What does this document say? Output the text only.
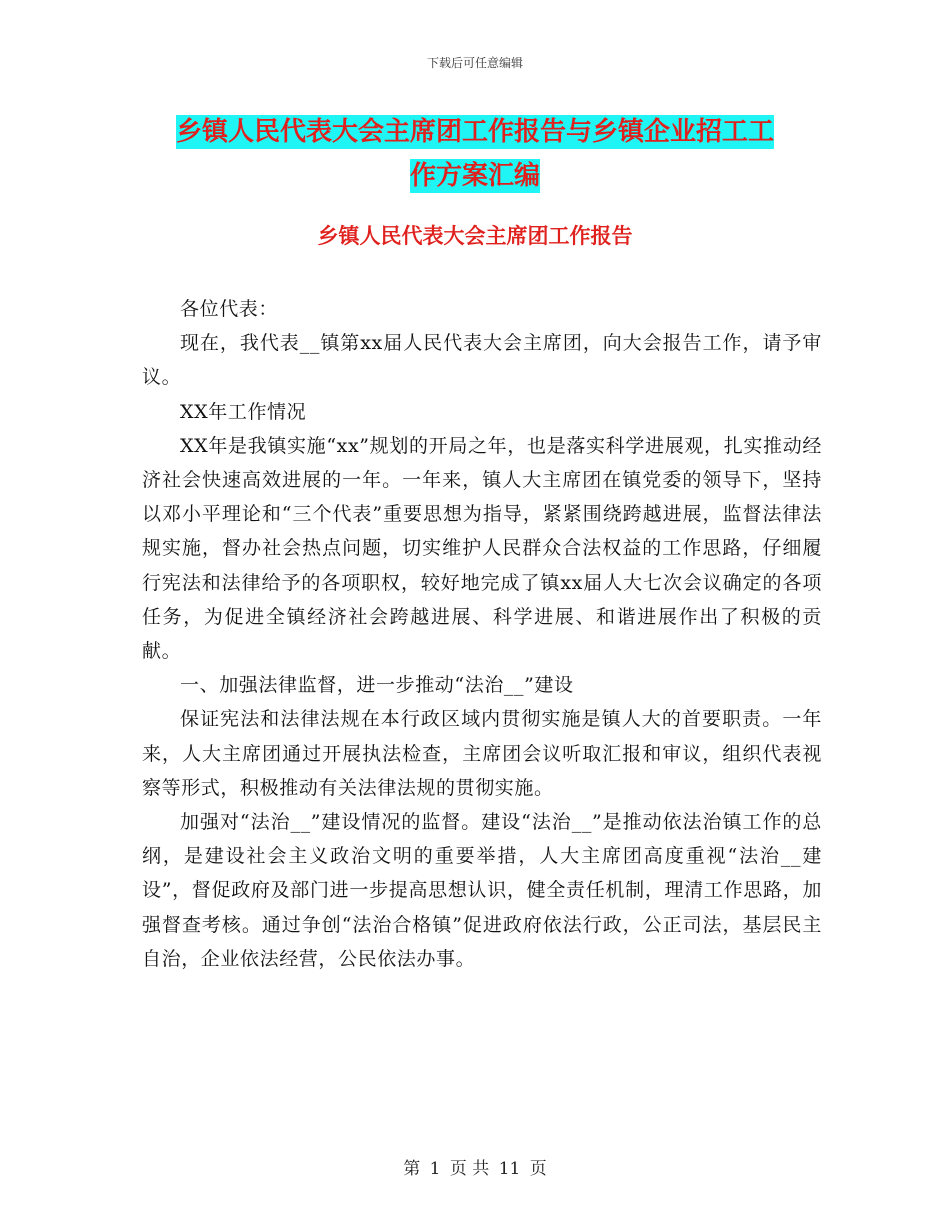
下载后可任意编辑
乡镇人民代表大会主席团工作报告与乡镇企业招工工
作方案汇编
乡镇人民代表大会主席团工作报告

各位代表：

现在，我代表__镇第xx届人民代表大会主席团，向大会报告工作，请予审议。

XX年工作情况

XX年是我镇实施“xx”规划的开局之年，也是落实科学进展观，扎实推动经济社会快速高效进展的一年。一年来，镇人大主席团在镇党委的领导下，坚持以邓小平理论和“三个代表”重要思想为指导，紧紧围绕跨越进展，监督法律法规实施，督办社会热点问题，切实维护人民群众合法权益的工作思路，仔细履行宪法和法律给予的各项职权，较好地完成了镇xx届人大七次会议确定的各项任务，为促进全镇经济社会跨越进展、科学进展、和谐进展作出了积极的贡献。

一、加强法律监督，进一步推动“法治__”建设

保证宪法和法律法规在本行政区域内贯彻实施是镇人大的首要职责。一年来，人大主席团通过开展执法检查，主席团会议听取汇报和审议，组织代表视察等形式，积极推动有关法律法规的贯彻实施。

加强对“法治__”建设情况的监督。建设“法治__”是推动依法治镇工作的总纲，是建设社会主义政治文明的重要举措，人大主席团高度重视“法治__建设”，督促政府及部门进一步提高思想认识，健全责任机制，理清工作思路，加强督查考核。通过争创“法治合格镇”促进政府依法行政，公正司法，基层民主自治，企业依法经营，公民依法办事。

第 1 页 共 11 页
